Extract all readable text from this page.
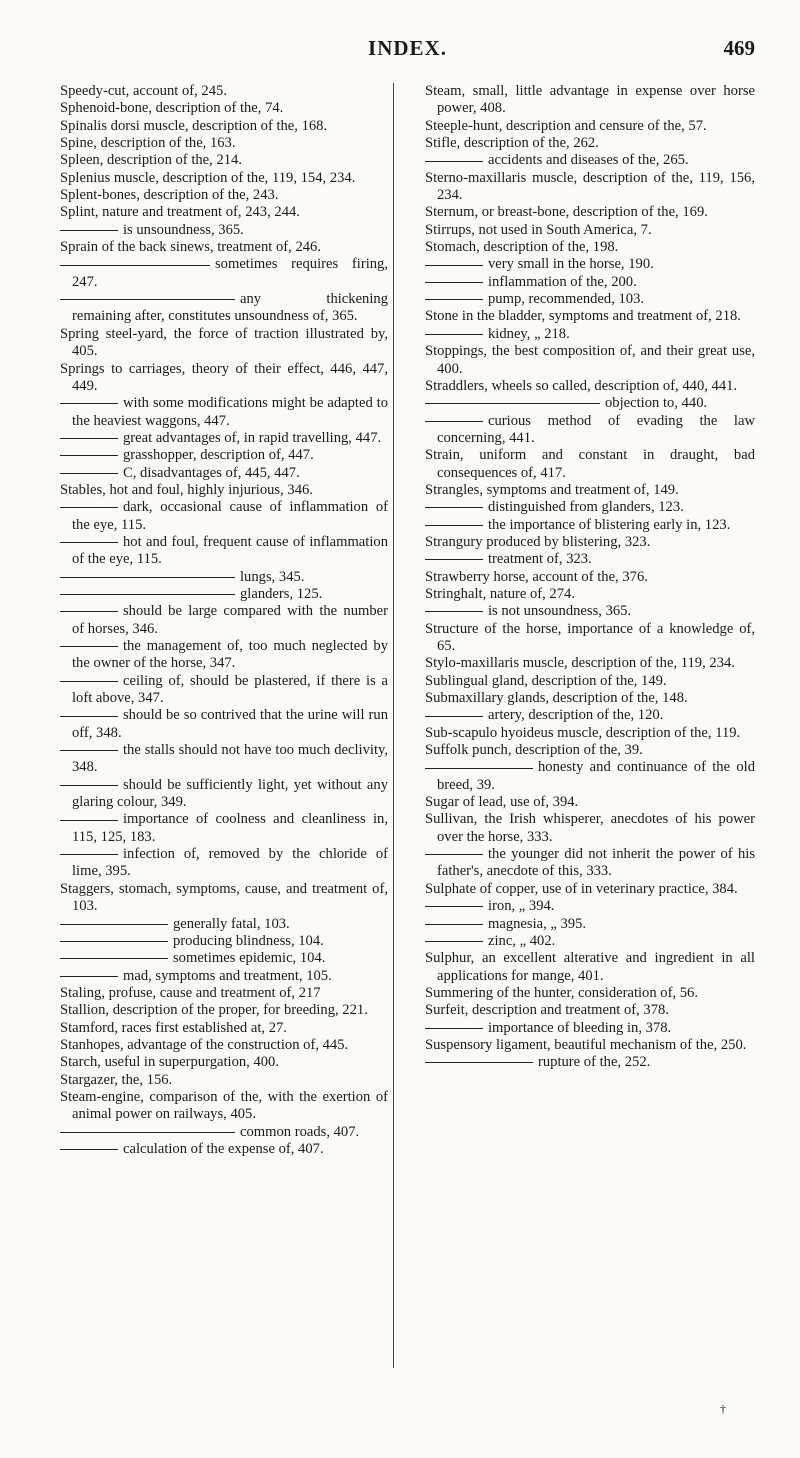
INDEX.	469

Speedy-cut, account of, 245.

Sphenoid-bone, description of the, 74.

Spinalis dorsi muscle, description of the, 168.

Spine, description of the, 163.

Spleen, description of the, 214.

Splenius muscle, description of the, 119, 154, 234.

Splent-bones, description of the, 243.

Splint, nature and treatment of, 243, 244.

is unsoundness, 365.

Sprain of the back sinews, treatment of, 246.

sometimes requires firing, 247.

any thickening remaining after, constitutes unsoundness of, 365.

Spring steel-yard, the force of traction illustrated by, 405.

Springs to carriages, theory of their effect, 446, 447, 449.

with some modifications might be adapted to the heaviest waggons, 447.

great advantages of, in rapid travelling, 447.

grasshopper, description of, 447.

C, disadvantages of, 445, 447.

Stables, hot and foul, highly injurious, 346.

dark, occasional cause of inflammation of the eye, 115.

hot and foul, frequent cause of inflammation of the eye, 115.

lungs, 345.

glanders, 125.

should be large compared with the number of horses, 346.

the management of, too much neglected by the owner of the horse, 347.

ceiling of, should be plastered, if there is a loft above, 347.

should be so contrived that the urine will run off, 348.

the stalls should not have too much declivity, 348.

should be sufficiently light, yet without any glaring colour, 349.

importance of coolness and cleanliness in, 115, 125, 183.

infection of, removed by the chloride of lime, 395.

Staggers, stomach, symptoms, cause, and treatment of, 103.

generally fatal, 103.

producing blindness, 104.

sometimes epidemic, 104.

mad, symptoms and treatment, 105.

Staling, profuse, cause and treatment of, 217

Stallion, description of the proper, for breeding, 221.

Stamford, races first established at, 27.

Stanhopes, advantage of the construction of, 445.

Starch, useful in superpurgation, 400.

Stargazer, the, 156.

Steam-engine, comparison of the, with the exertion of animal power on railways, 405.

common roads, 407.

calculation of the expense of, 407.

Steam, small, little advantage in expense over horse power, 408.

Steeple-hunt, description and censure of the, 57.

Stifle, description of the, 262.

accidents and diseases of the, 265.

Sterno-maxillaris muscle, description of the, 119, 156, 234.

Sternum, or breast-bone, description of the, 169.

Stirrups, not used in South America, 7.

Stomach, description of the, 198.

very small in the horse, 190.

inflammation of the, 200.

pump, recommended, 103.

Stone in the bladder, symptoms and treatment of, 218.

kidney, „ 218.

Stoppings, the best composition of, and their great use, 400.

Straddlers, wheels so called, description of, 440, 441.

objection to, 440.

curious method of evading the law concerning, 441.

Strain, uniform and constant in draught, bad consequences of, 417.

Strangles, symptoms and treatment of, 149.

distinguished from glanders, 123.

the importance of blistering early in, 123.

Strangury produced by blistering, 323.

treatment of, 323.

Strawberry horse, account of the, 376.

Stringhalt, nature of, 274.

is not unsoundness, 365.

Structure of the horse, importance of a knowledge of, 65.

Stylo-maxillaris muscle, description of the, 119, 234.

Sublingual gland, description of the, 149.

Submaxillary glands, description of the, 148.

artery, description of the, 120.

Sub-scapulo hyoideus muscle, description of the, 119.

Suffolk punch, description of the, 39.

honesty and continuance of the old breed, 39.

Sugar of lead, use of, 394.

Sullivan, the Irish whisperer, anecdotes of his power over the horse, 333.

the younger did not inherit the power of his father's, anecdote of this, 333.

Sulphate of copper, use of in veterinary practice, 384.

iron, „ 394.

magnesia, „ 395.

zinc, „ 402.

Sulphur, an excellent alterative and ingredient in all applications for mange, 401.

Summering of the hunter, consideration of, 56.

Surfeit, description and treatment of, 378.

importance of bleeding in, 378.

Suspensory ligament, beautiful mechanism of the, 250.

rupture of the, 252.

†
